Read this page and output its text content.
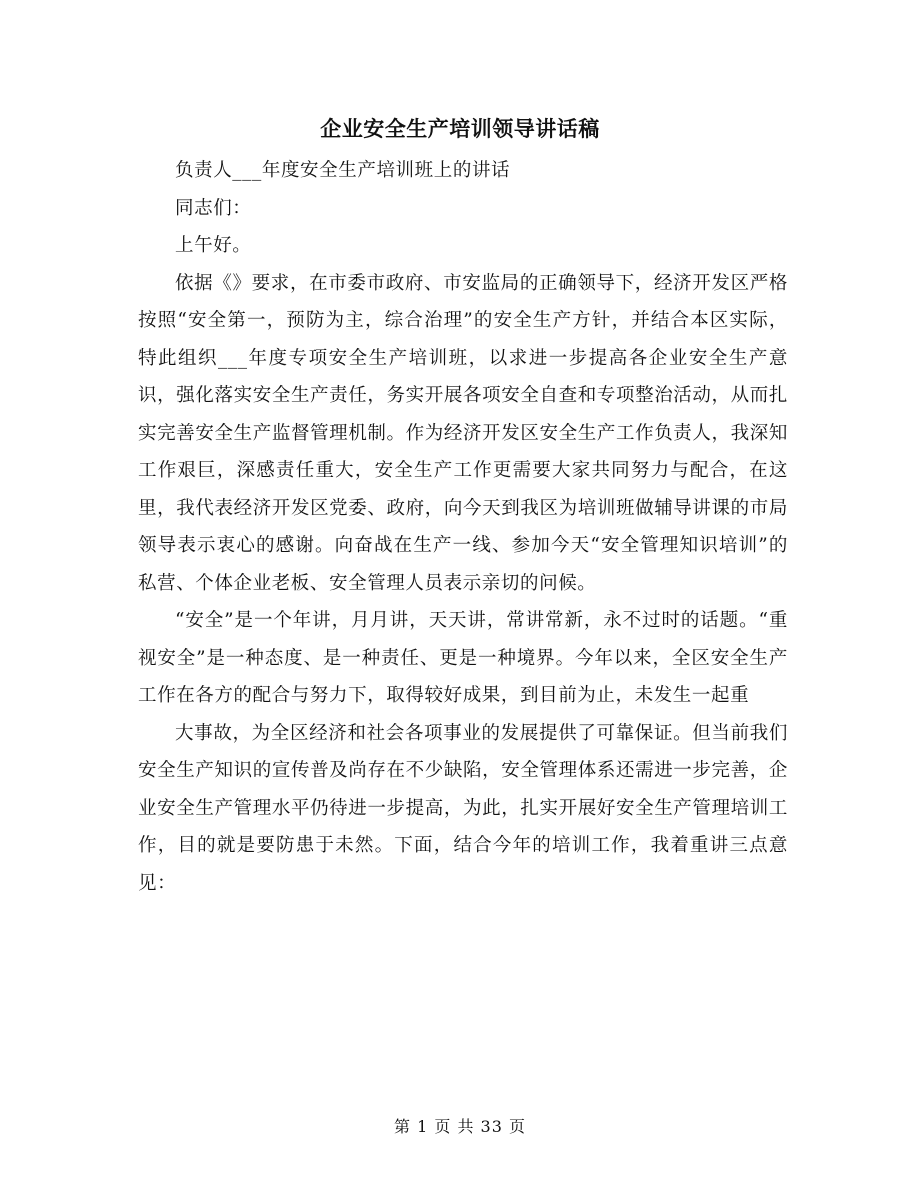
企业安全生产培训领导讲话稿

负责人___年度安全生产培训班上的讲话

同志们：

上午好。

依据《》要求，在市委市政府、市安监局的正确领导下，经济开发区严格按照“安全第一，预防为主，综合治理”的安全生产方针，并结合本区实际，特此组织___年度专项安全生产培训班，以求进一步提高各企业安全生产意识，强化落实安全生产责任，务实开展各项安全自查和专项整治活动，从而扎实完善安全生产监督管理机制。作为经济开发区安全生产工作负责人，我深知工作艰巨，深感责任重大，安全生产工作更需要大家共同努力与配合，在这里，我代表经济开发区党委、政府，向今天到我区为培训班做辅导讲课的市局领导表示衷心的感谢。向奋战在生产一线、参加今天“安全管理知识培训”的私营、个体企业老板、安全管理人员表示亲切的问候。

“安全”是一个年讲，月月讲，天天讲，常讲常新，永不过时的话题。“重视安全”是一种态度、是一种责任、更是一种境界。今年以来，全区安全生产工作在各方的配合与努力下，取得较好成果，到目前为止，未发生一起重

大事故，为全区经济和社会各项事业的发展提供了可靠保证。但当前我们安全生产知识的宣传普及尚存在不少缺陷，安全管理体系还需进一步完善，企业安全生产管理水平仍待进一步提高，为此，扎实开展好安全生产管理培训工作，目的就是要防患于未然。下面，结合今年的培训工作，我着重讲三点意见：

第 1 页 共 33 页
